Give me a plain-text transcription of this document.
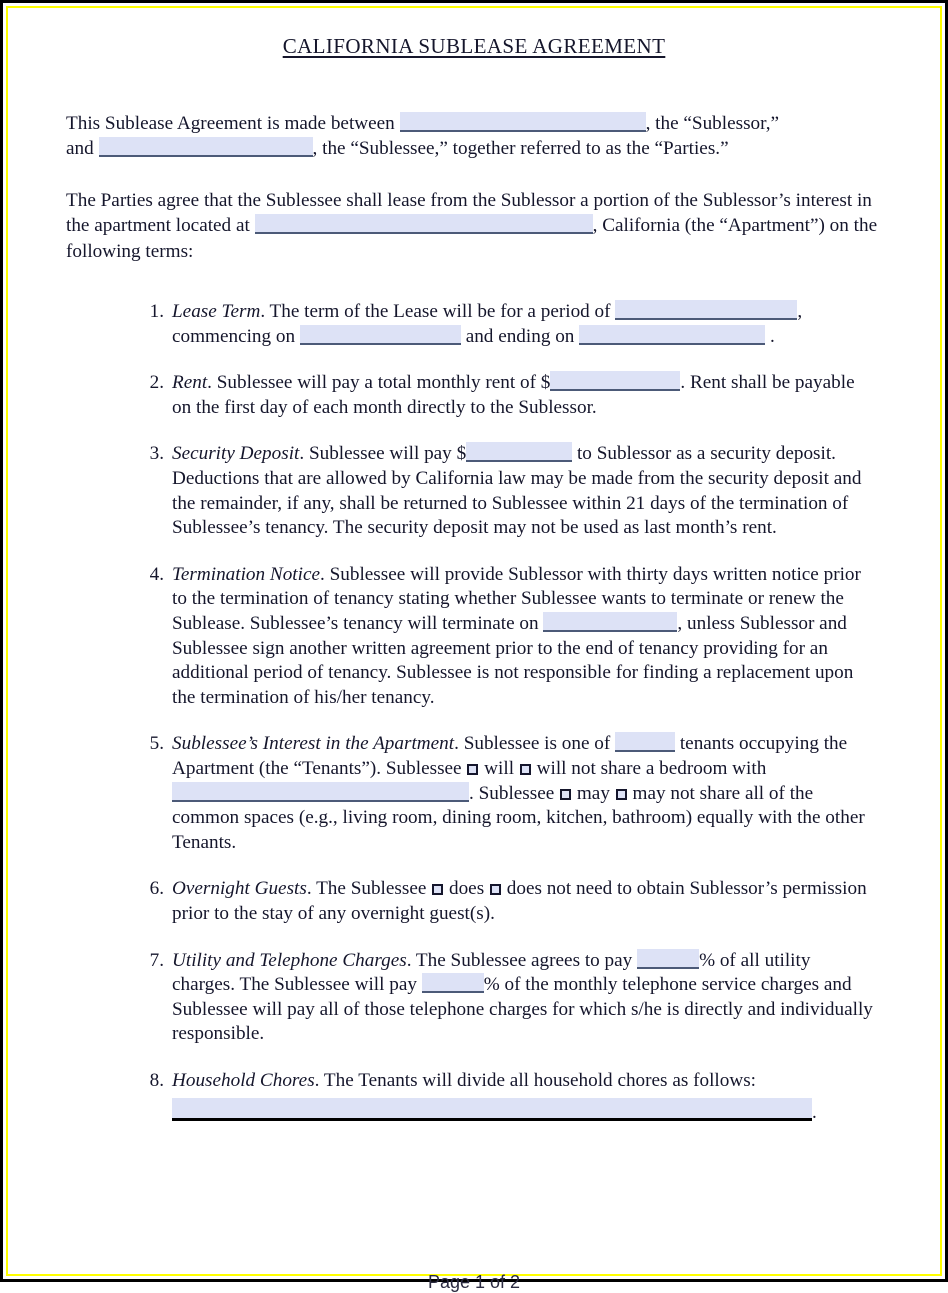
CALIFORNIA SUBLEASE AGREEMENT

This Sublease Agreement is made between	, the “Sublessor,”
and	, the “Sublessee,” together referred to as the “Parties.”

The Parties agree that the Sublessee shall lease from the Sublessor a portion of the Sublessor’s interest in the apartment located at	, California (the “Apartment”) on the following terms:

1. Lease Term. The term of the Lease will be for a period of	, commencing on	and ending on	.
2. Rent. Sublessee will pay a total monthly rent of $	. Rent shall be payable on the first day of each month directly to the Sublessor.
3. Security Deposit. Sublessee will pay $	to Sublessor as a security deposit. Deductions that are allowed by California law may be made from the security deposit and the remainder, if any, shall be returned to Sublessee within 21 days of the termination of Sublessee’s tenancy. The security deposit may not be used as last month’s rent.
4. Termination Notice. Sublessee will provide Sublessor with thirty days written notice prior to the termination of tenancy stating whether Sublessee wants to terminate or renew the Sublease. Sublessee’s tenancy will terminate on	, unless Sublessor and Sublessee sign another written agreement prior to the end of tenancy providing for an additional period of tenancy. Sublessee is not responsible for finding a replacement upon the termination of his/her tenancy.
5. Sublessee’s Interest in the Apartment. Sublessee is one of	tenants occupying the Apartment (the “Tenants”). Sublessee will will not share a bedroom with . Sublessee may may not share all of the common spaces (e.g., living room, dining room, kitchen, bathroom) equally with the other Tenants.
6. Overnight Guests. The Sublessee does does not need to obtain Sublessor’s permission prior to the stay of any overnight guest(s).
7. Utility and Telephone Charges. The Sublessee agrees to pay	% of all utility charges. The Sublessee will pay	% of the monthly telephone service charges and Sublessee will pay all of those telephone charges for which s/he is directly and individually responsible.
8. Household Chores. The Tenants will divide all household chores as follows:
.
Page 1 of 2
